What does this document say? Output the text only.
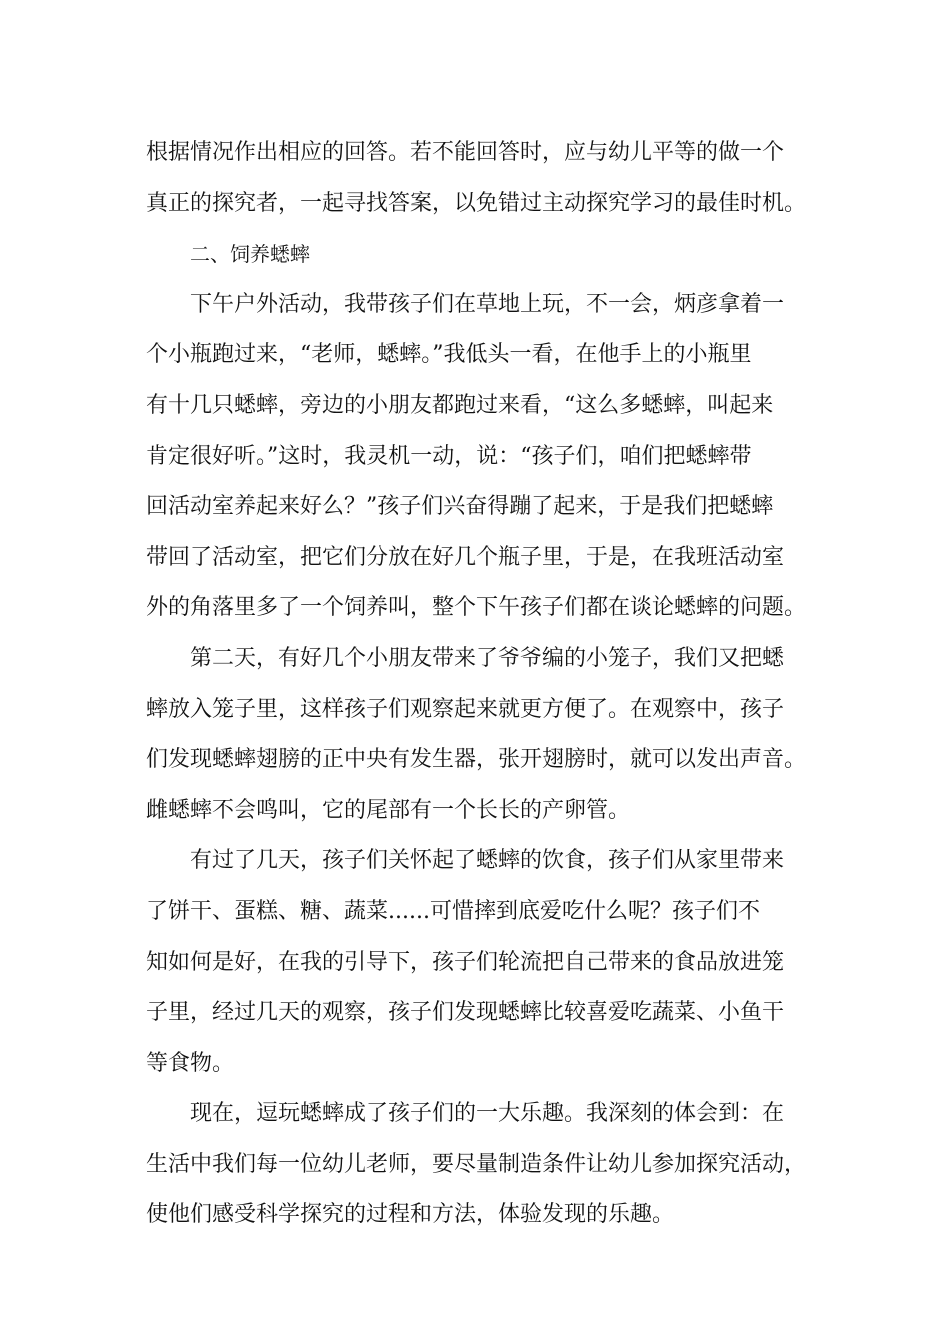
根据情况作出相应的回答。若不能回答时，应与幼儿平等的做一个
真正的探究者，一起寻找答案，以免错过主动探究学习的最佳时机。
二、饲养蟋蟀
下午户外活动，我带孩子们在草地上玩，不一会，炳彦拿着一
个小瓶跑过来，“老师，蟋蟀。”我低头一看，在他手上的小瓶里
有十几只蟋蟀，旁边的小朋友都跑过来看，“这么多蟋蟀，叫起来
肯定很好听。”这时，我灵机一动，说：“孩子们，咱们把蟋蟀带
回活动室养起来好么？”孩子们兴奋得蹦了起来，于是我们把蟋蟀
带回了活动室，把它们分放在好几个瓶子里，于是，在我班活动室
外的角落里多了一个饲养叫，整个下午孩子们都在谈论蟋蟀的问题。
第二天，有好几个小朋友带来了爷爷编的小笼子，我们又把蟋
蟀放入笼子里，这样孩子们观察起来就更方便了。在观察中，孩子
们发现蟋蟀翅膀的正中央有发生器，张开翅膀时，就可以发出声音。
雌蟋蟀不会鸣叫，它的尾部有一个长长的产卵管。
有过了几天，孩子们关怀起了蟋蟀的饮食，孩子们从家里带来
了饼干、蛋糕、糖、蔬菜......可惜摔到底爱吃什么呢？孩子们不
知如何是好，在我的引导下，孩子们轮流把自己带来的食品放进笼
子里，经过几天的观察，孩子们发现蟋蟀比较喜爱吃蔬菜、小鱼干
等食物。
现在，逗玩蟋蟀成了孩子们的一大乐趣。我深刻的体会到：在
生活中我们每一位幼儿老师，要尽量制造条件让幼儿参加探究活动，
使他们感受科学探究的过程和方法，体验发现的乐趣。
